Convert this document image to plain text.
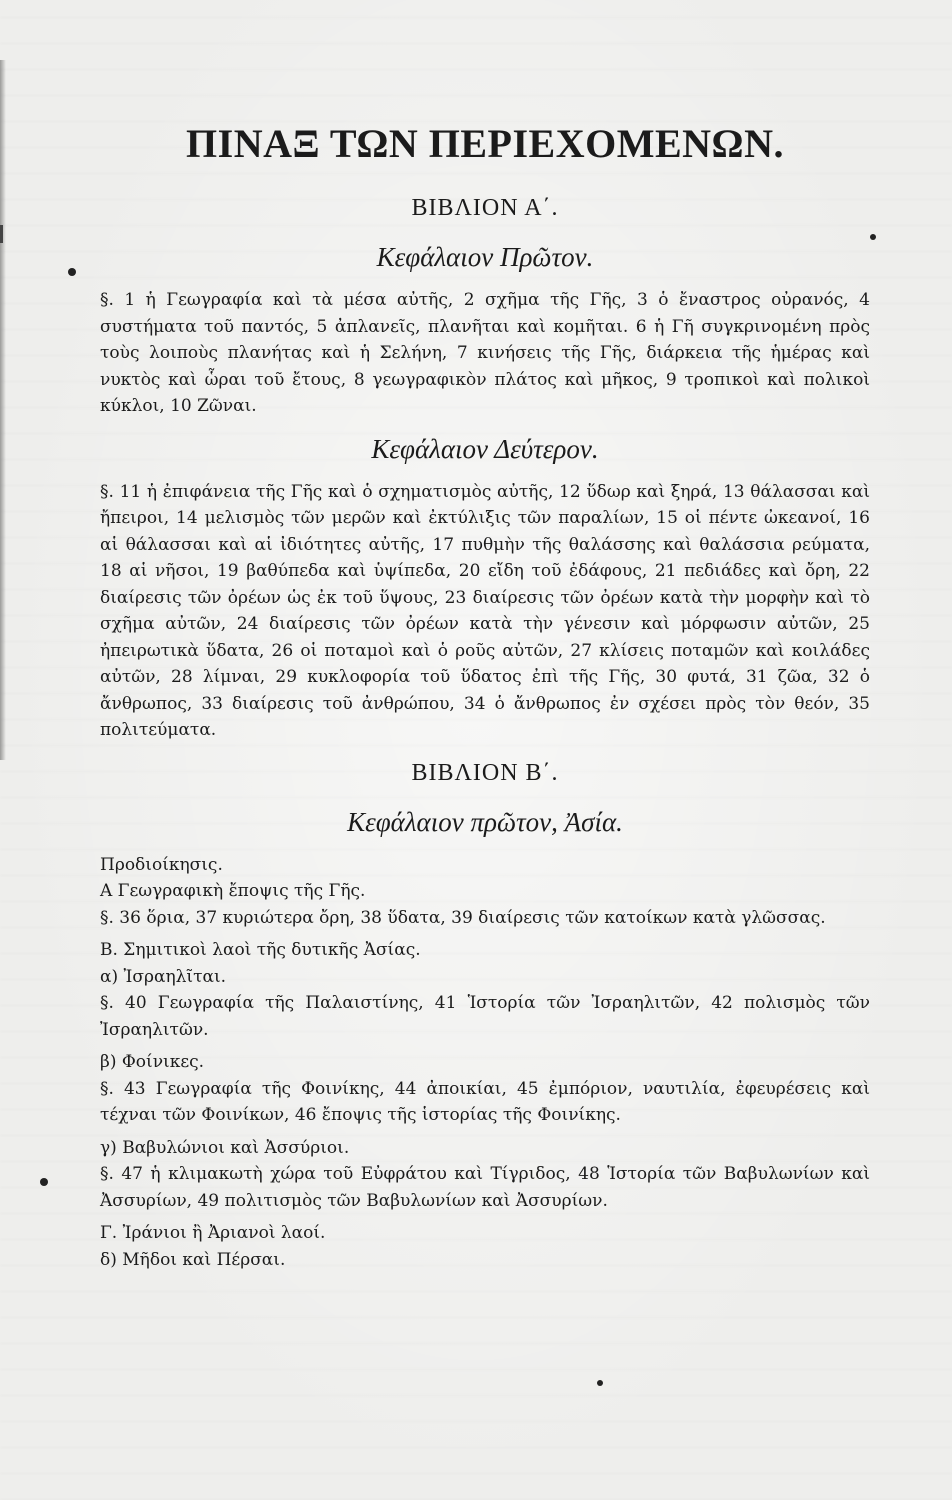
ΠΙΝΑΞ ΤΩΝ ΠΕΡΙΕΧΟΜΕΝΩΝ.
ΒΙΒΛΙΟΝ Α΄.
Κεφάλαιον Πρῶτον.

§. 1 ἡ Γεωγραφία καὶ τὰ μέσα αὐτῆς, 2 σχῆμα τῆς Γῆς, 3 ὁ ἔναστρος οὐρανός, 4 συστήματα τοῦ παντός, 5 ἀπλανεῖς, πλανῆται καὶ κομῆται. 6 ἡ Γῆ συγκρινομένη πρὸς τοὺς λοιποὺς πλανήτας καὶ ἡ Σελήνη, 7 κινήσεις τῆς Γῆς, διάρκεια τῆς ἡμέρας καὶ νυκτὸς καὶ ὧραι τοῦ ἔτους, 8 γεωγραφικὸν πλάτος καὶ μῆκος, 9 τροπικοὶ καὶ πολικοὶ κύκλοι, 10 Ζῶναι.

Κεφάλαιον Δεύτερον.

§. 11 ἡ ἐπιφάνεια τῆς Γῆς καὶ ὁ σχηματισμὸς αὐτῆς, 12 ὕδωρ καὶ ξηρά, 13 θάλασσαι καὶ ἤπειροι, 14 μελισμὸς τῶν μερῶν καὶ ἐκτύλιξις τῶν παραλίων, 15 οἱ πέντε ὠκεανοί, 16 αἱ θάλασσαι καὶ αἱ ἰδιότητες αὐτῆς, 17 πυθμὴν τῆς θαλάσσης καὶ θαλάσσια ρεύματα, 18 αἱ νῆσοι, 19 βαθύπεδα καὶ ὑψίπεδα, 20 εἴδη τοῦ ἐδάφους, 21 πεδιάδες καὶ ὄρη, 22 διαίρεσις τῶν ὀρέων ὡς ἐκ τοῦ ὕψους, 23 διαίρεσις τῶν ὀρέων κατὰ τὴν μορφὴν καὶ τὸ σχῆμα αὐτῶν, 24 διαίρεσις τῶν ὀρέων κατὰ τὴν γένεσιν καὶ μόρφωσιν αὐτῶν, 25 ἠπειρωτικὰ ὕδατα, 26 οἱ ποταμοὶ καὶ ὁ ροῦς αὐτῶν, 27 κλίσεις ποταμῶν καὶ κοιλάδες αὐτῶν, 28 λίμναι, 29 κυκλοφορία τοῦ ὕδατος ἐπὶ τῆς Γῆς, 30 φυτά, 31 ζῶα, 32 ὁ ἄνθρωπος, 33 διαίρεσις τοῦ ἀνθρώπου, 34 ὁ ἄνθρωπος ἐν σχέσει πρὸς τὸν θεόν, 35 πολιτεύματα.

ΒΙΒΛΙΟΝ Β΄.
Κεφάλαιον πρῶτον, Ἀσία.

Προδιοίκησις.

Α Γεωγραφικὴ ἔποψις τῆς Γῆς.

§. 36 ὅρια, 37 κυριώτερα ὄρη, 38 ὕδατα, 39 διαίρεσις τῶν κατοίκων κατὰ γλῶσσας.

Β. Σημιτικοὶ λαοὶ τῆς δυτικῆς Ἀσίας.

α) Ἰσραηλῖται.

§. 40 Γεωγραφία τῆς Παλαιστίνης, 41 Ἱστορία τῶν Ἰσραηλιτῶν, 42 πολισμὸς τῶν Ἰσραηλιτῶν.

β) Φοίνικες.

§. 43 Γεωγραφία τῆς Φοινίκης, 44 ἀποικίαι, 45 ἐμπόριον, ναυτιλία, ἐφευρέσεις καὶ τέχναι τῶν Φοινίκων, 46 ἔποψις τῆς ἱστορίας τῆς Φοινίκης.

γ) Βαβυλώνιοι καὶ Ἀσσύριοι.

§. 47 ἡ κλιμακωτὴ χώρα τοῦ Εὐφράτου καὶ Τίγριδος, 48 Ἱστορία τῶν Βαβυλωνίων καὶ Ἀσσυρίων, 49 πολιτισμὸς τῶν Βαβυλωνίων καὶ Ἀσσυρίων.

Γ. Ἰράνιοι ἢ Ἀριανοὶ λαοί.

δ) Μῆδοι καὶ Πέρσαι.
